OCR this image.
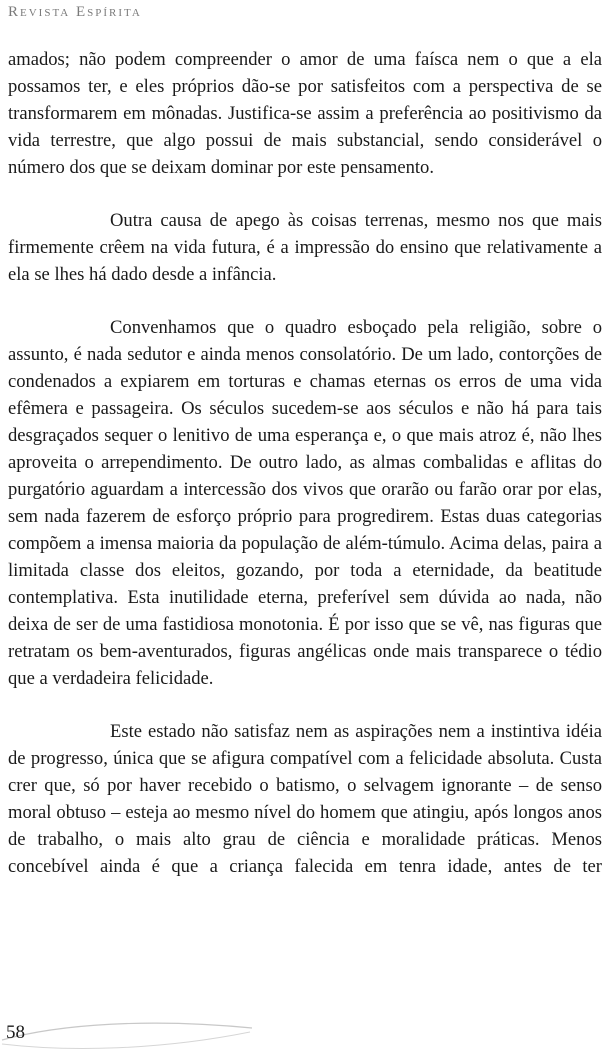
Revista Espírita

amados; não podem compreender o amor de uma faísca nem o que a ela possamos ter, e eles próprios dão-se por satisfeitos com a perspectiva de se transformarem em mônadas. Justifica-se assim a preferência ao positivismo da vida terrestre, que algo possui de mais substancial, sendo considerável o número dos que se deixam dominar por este pensamento.

Outra causa de apego às coisas terrenas, mesmo nos que mais firmemente crêem na vida futura, é a impressão do ensino que relativamente a ela se lhes há dado desde a infância.

Convenhamos que o quadro esboçado pela religião, sobre o assunto, é nada sedutor e ainda menos consolatório. De um lado, contorções de condenados a expiarem em torturas e chamas eternas os erros de uma vida efêmera e passageira. Os séculos sucedem-se aos séculos e não há para tais desgraçados sequer o lenitivo de uma esperança e, o que mais atroz é, não lhes aproveita o arrependimento. De outro lado, as almas combalidas e aflitas do purgatório aguardam a intercessão dos vivos que orarão ou farão orar por elas, sem nada fazerem de esforço próprio para progredirem. Estas duas categorias compõem a imensa maioria da população de além-túmulo. Acima delas, paira a limitada classe dos eleitos, gozando, por toda a eternidade, da beatitude contemplativa. Esta inutilidade eterna, preferível sem dúvida ao nada, não deixa de ser de uma fastidiosa monotonia. É por isso que se vê, nas figuras que retratam os bem-aventurados, figuras angélicas onde mais transparece o tédio que a verdadeira felicidade.

Este estado não satisfaz nem as aspirações nem a instintiva idéia de progresso, única que se afigura compatível com a felicidade absoluta. Custa crer que, só por haver recebido o batismo, o selvagem ignorante – de senso moral obtuso – esteja ao mesmo nível do homem que atingiu, após longos anos de trabalho, o mais alto grau de ciência e moralidade práticas. Menos concebível ainda é que a criança falecida em tenra idade, antes de ter

58
